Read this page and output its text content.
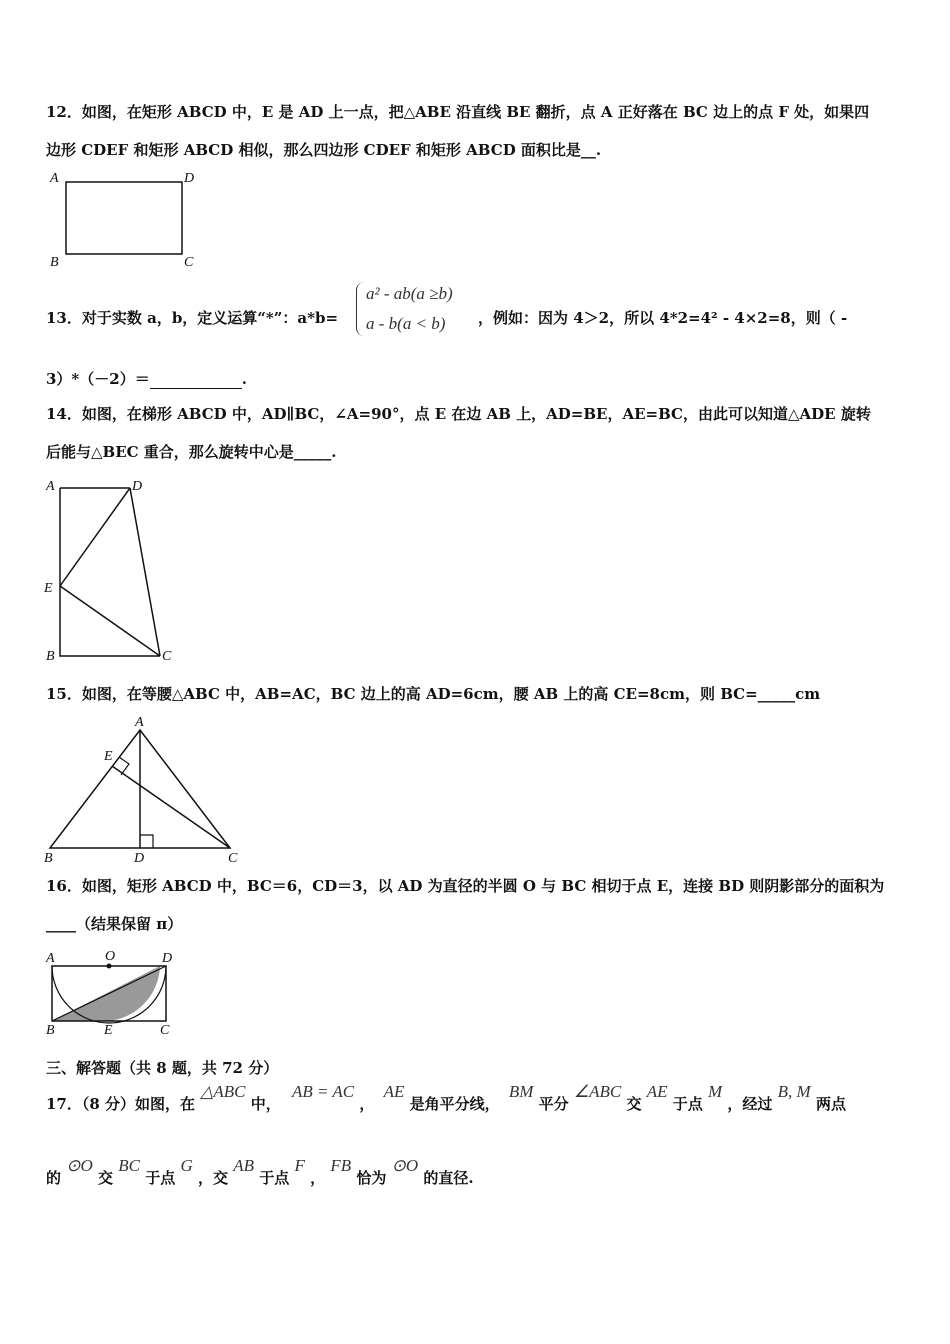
12．如图，在矩形 ABCD 中，E 是 AD 上一点，把△ABE 沿直线 BE 翻折，点 A 正好落在 BC 边上的点 F 处，如果四
边形 CDEF 和矩形 ABCD 相似，那么四边形 CDEF 和矩形 ABCD 面积比是__.
A	D
B	C
13．对于实数 a，b，定义运算“*”：a*b=
a² - ab(a ≥b)
a - b(a < b) ，例如：因为 4＞2，所以 4*2=4² - 4×2=8，则（ -
3）*（－2）＝	.
14．如图，在梯形 ABCD 中，AD∥BC，∠A=90°，点 E 在边 AB 上，AD=BE，AE=BC，由此可以知道△ADE 旋转
后能与△BEC 重合，那么旋转中心是_____.
A	D
E
B	C
15．如图，在等腰△ABC 中，AB=AC，BC 边上的高 AD=6cm，腰 AB 上的高 CE=8cm，则 BC=_____cm
A
E
B	D	C
16．如图，矩形 ABCD 中，BC＝6，CD＝3，以 AD 为直径的半圆 O 与 BC 相切于点 E，连接 BD 则阴影部分的面积为
____（结果保留 π）
A	O	D
B	E	C
三、解答题（共 8 题，共 72 分）
17．（8 分）如图，在 △ABC 中， AB = AC ， AE 是角平分线， BM 平分 ∠ABC 交 AE 于点 M ，经过 B, M 两点
的 ⊙O 交 BC 于点 G ，交 AB 于点 F ， FB 恰为 ⊙O 的直径.
